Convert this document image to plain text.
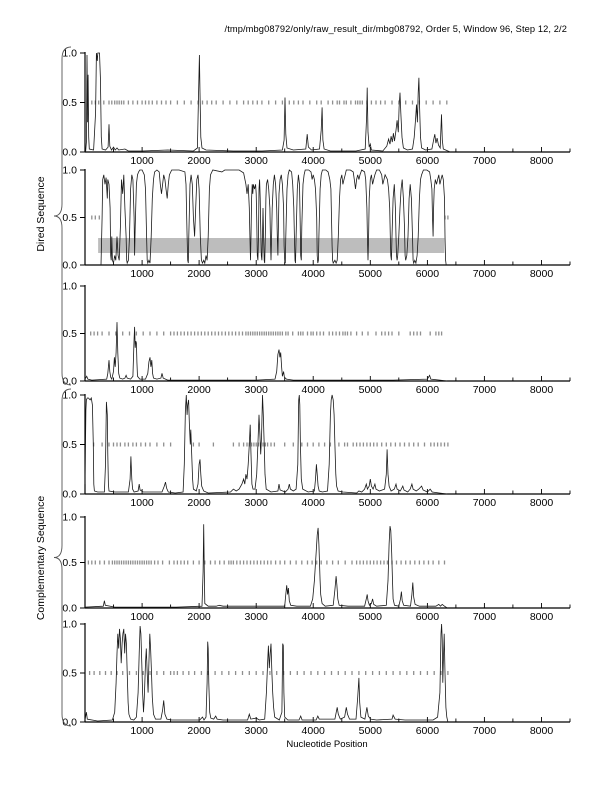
/tmp/mbg08792/only/raw_result_dir/mbg08792, Order 5, Window 96, Step 12, 2/2
Dired Sequence
Complementary Sequence
1.0
0.5
0.0
1000	2000	3000	4000	5000	6000	7000	8000
1.0
0.5
0.0
1000	2000	3000	4000	5000	6000	7000	8000
1.0
0.5
0.0
1000	2000	3000	4000	5000	6000	7000	8000
1.0
0.5
0.0
1000	2000	3000	4000	5000	6000	7000	8000
1.0
0.5
0.0
1000	2000	3000	4000	5000	6000	7000	8000
1.0
0.5
0.0
1000	2000	3000	4000	5000	6000	7000	8000
Nucleotide Position
